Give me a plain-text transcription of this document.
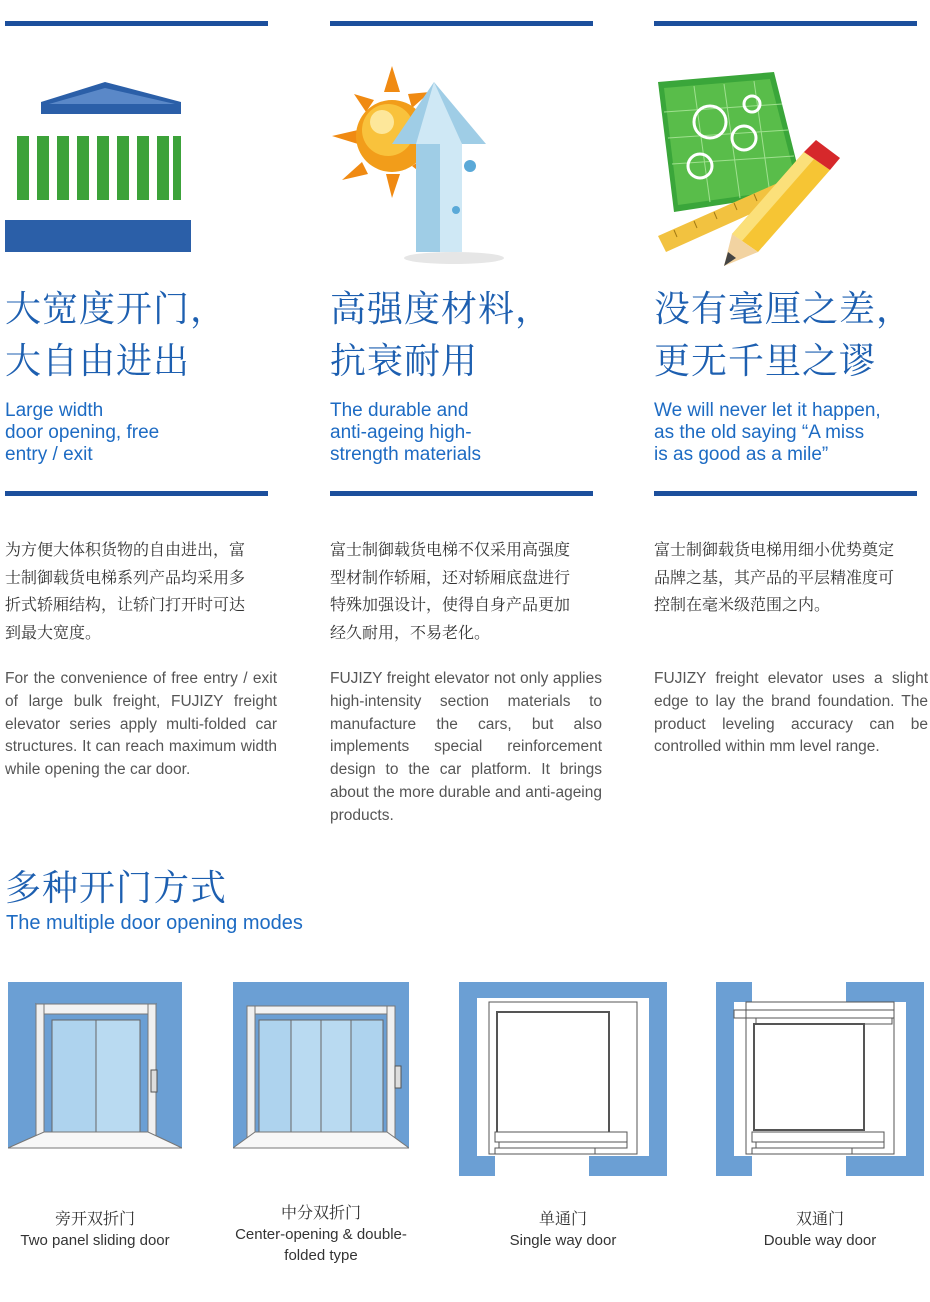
大宽度开门，
大自由进出
Large width
door opening, free
entry / exit
为方便大体积货物的自由进出，富
士制御载货电梯系列产品均采用多
折式轿厢结构，让轿门打开时可达
到最大宽度。
For the convenience of free entry / exit of large bulk freight, FUJIZY freight elevator series apply multi-folded car structures. It can reach maximum width while opening the car door.
高强度材料，
抗衰耐用
The durable and
anti-ageing high-
strength materials
富士制御载货电梯不仅采用高强度
型材制作轿厢，还对轿厢底盘进行
特殊加强设计，使得自身产品更加
经久耐用，不易老化。
FUJIZY freight elevator not only applies high-intensity section materials to manufacture the cars, but also implements special reinforcement design to the car platform. It brings about the more durable and anti-ageing products.
没有毫厘之差，
更无千里之谬
We will never let it happen,
as the old saying “A miss
is as good as a mile”
富士制御载货电梯用细小优势奠定
品牌之基，其产品的平层精准度可
控制在毫米级范围之内。
FUJIZY freight elevator uses a slight edge to lay the brand foundation. The product leveling accuracy can be controlled within mm level range.
多种开门方式
The multiple door opening modes
旁开双折门
Two panel sliding door
中分双折门
Center-opening & double-
folded type
单通门
Single way door
双通门
Double way door
